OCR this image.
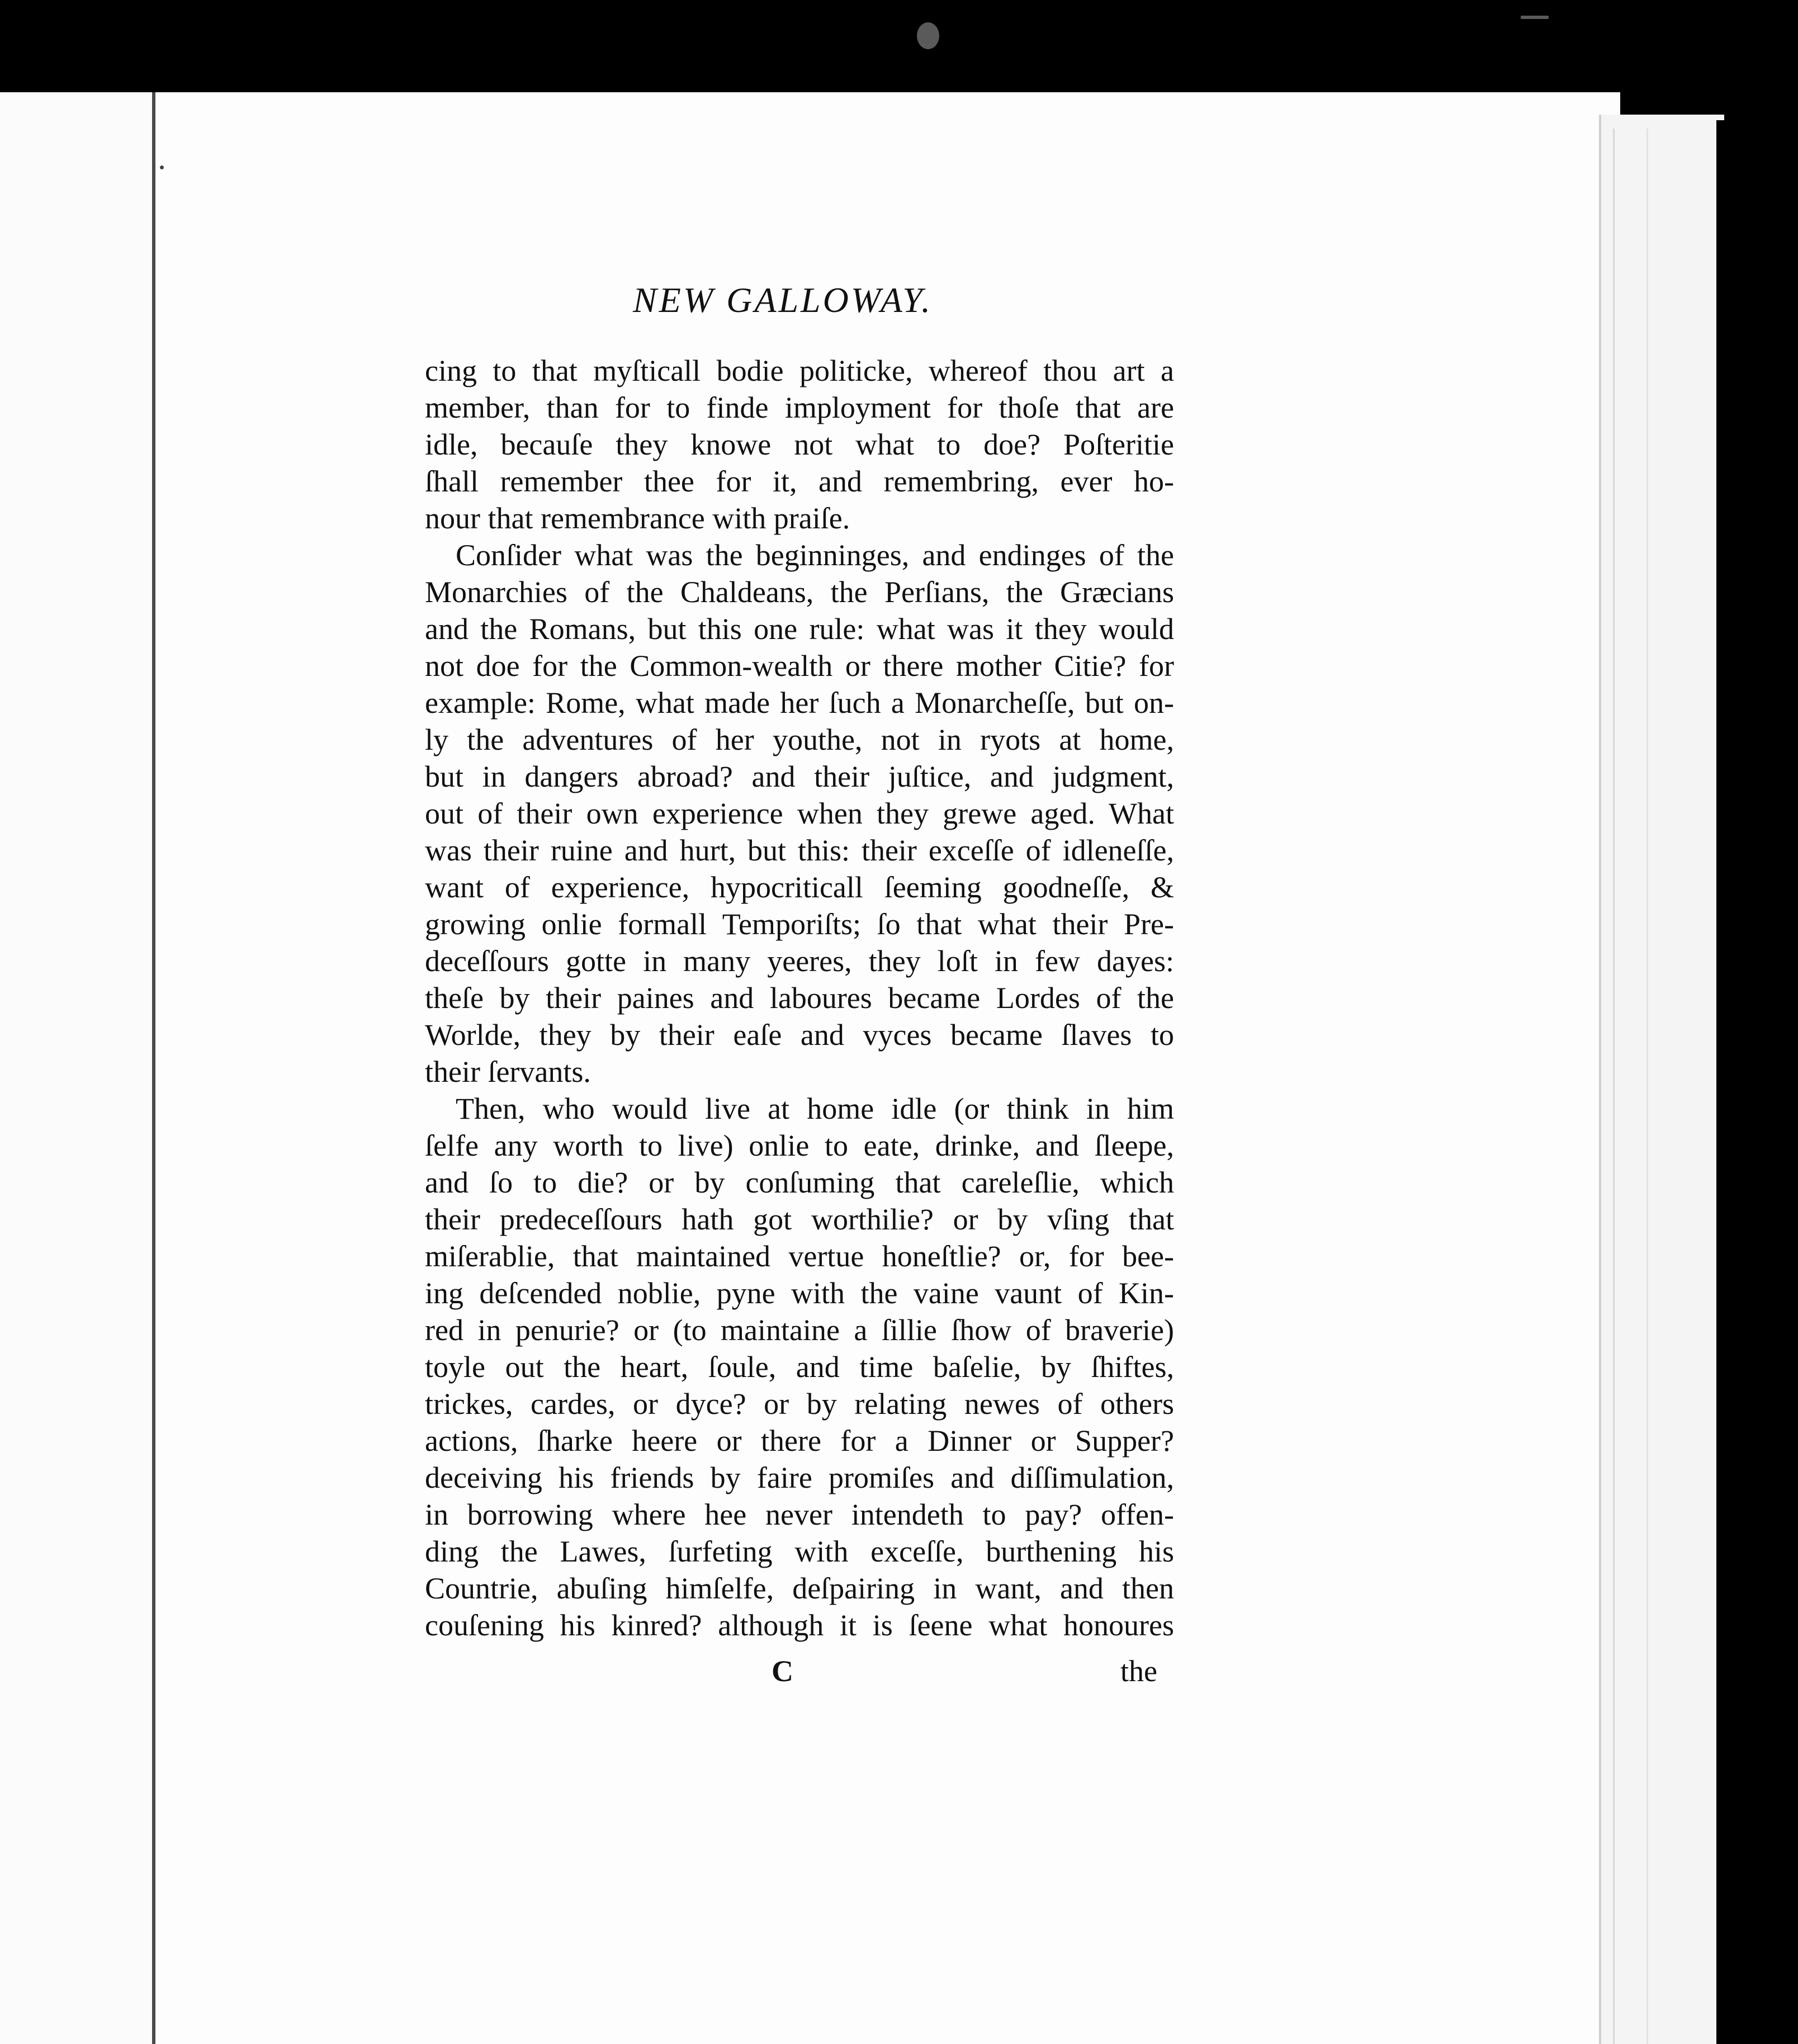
NEW GALLOWAY.
cing to that myſticall bodie politicke, whereof thou art a
member, than for to finde imployment for thoſe that are
idle, becauſe they knowe not what to doe? Poſteritie
ſhall remember thee for it, and remembring, ever ho-
nour that remembrance with praiſe.
Conſider what was the beginninges, and endinges of the
Monarchies of the Chaldeans, the Perſians, the Græcians
and the Romans, but this one rule: what was it they would
not doe for the Common-wealth or there mother Citie? for
example: Rome, what made her ſuch a Monarcheſſe, but on-
ly the adventures of her youthe, not in ryots at home,
but in dangers abroad? and their juſtice, and judgment,
out of their own experience when they grewe aged. What
was their ruine and hurt, but this: their exceſſe of idleneſſe,
want of experience, hypocriticall ſeeming goodneſſe, &
growing onlie formall Temporiſts; ſo that what their Pre-
deceſſours gotte in many yeeres, they loſt in few dayes:
theſe by their paines and laboures became Lordes of the
Worlde, they by their eaſe and vyces became ſlaves to
their ſervants.
Then, who would live at home idle (or think in him
ſelfe any worth to live) onlie to eate, drinke, and ſleepe,
and ſo to die? or by conſuming that careleſlie, which
their predeceſſours hath got worthilie? or by vſing that
miſerablie, that maintained vertue honeſtlie? or, for bee-
ing deſcended noblie, pyne with the vaine vaunt of Kin-
red in penurie? or (to maintaine a ſillie ſhow of braverie)
toyle out the heart, ſoule, and time baſelie, by ſhiftes,
trickes, cardes, or dyce? or by relating newes of others
actions, ſharke heere or there for a Dinner or Supper?
deceiving his friends by faire promiſes and diſſimulation,
in borrowing where hee never intendeth to pay? offen-
ding the Lawes, ſurfeting with exceſſe, burthening his
Countrie, abuſing himſelfe, deſpairing in want, and then
couſening his kinred? although it is ſeene what honoures
C	the
